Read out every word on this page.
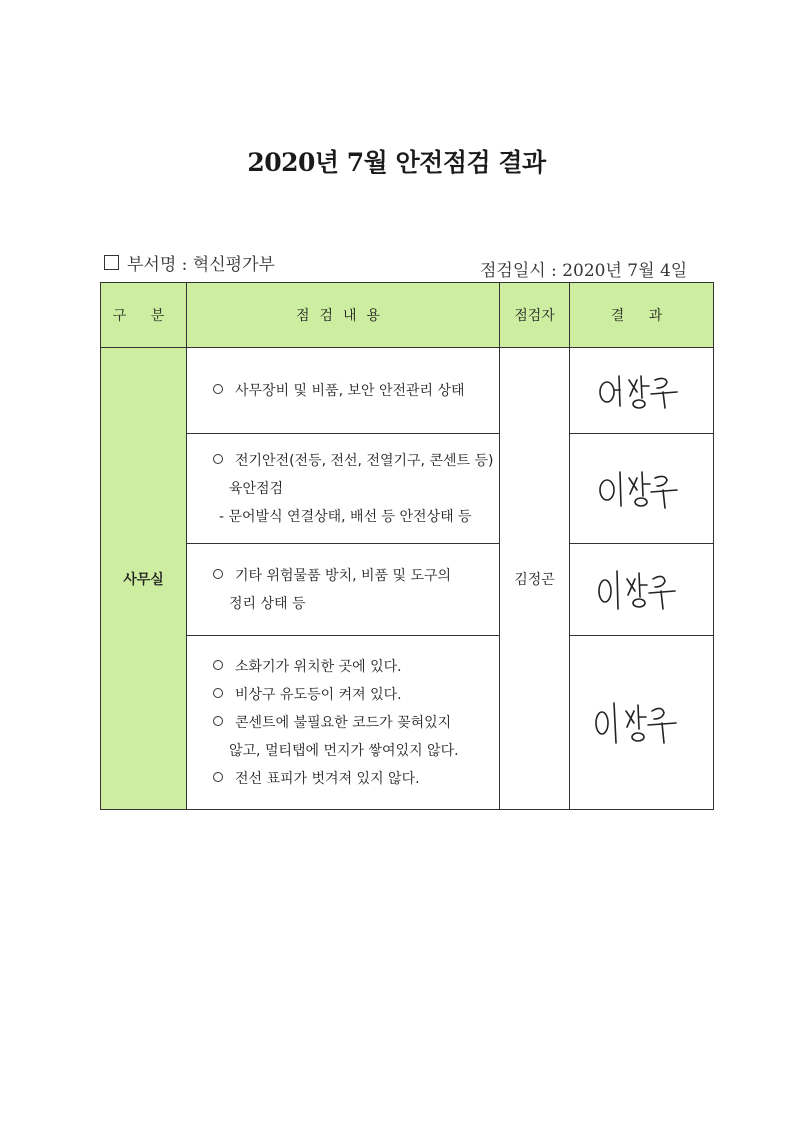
2020년 7월 안전점검 결과
부서명 : 혁신평가부	점검일시 : 2020년 7월 4일
구 분	점검내용	점검자	결 과
사무실	사무장비 및 비품, 보안 안전관리 상태	김정곤	

	전기안전(전등, 전선, 전열기구, 콘센트 등)
육안점검
- 문어발식 연결상태, 배선 등 안전상태 등

	기타 위험물품 방치, 비품 및 도구의
정리 상태 등

	소화기가 위치한 곳에 있다.
비상구 유도등이 켜져 있다.
콘센트에 불필요한 코드가 꽂혀있지
않고, 멀티탭에 먼지가 쌓여있지 않다.
전선 표피가 벗겨져 있지 않다.
